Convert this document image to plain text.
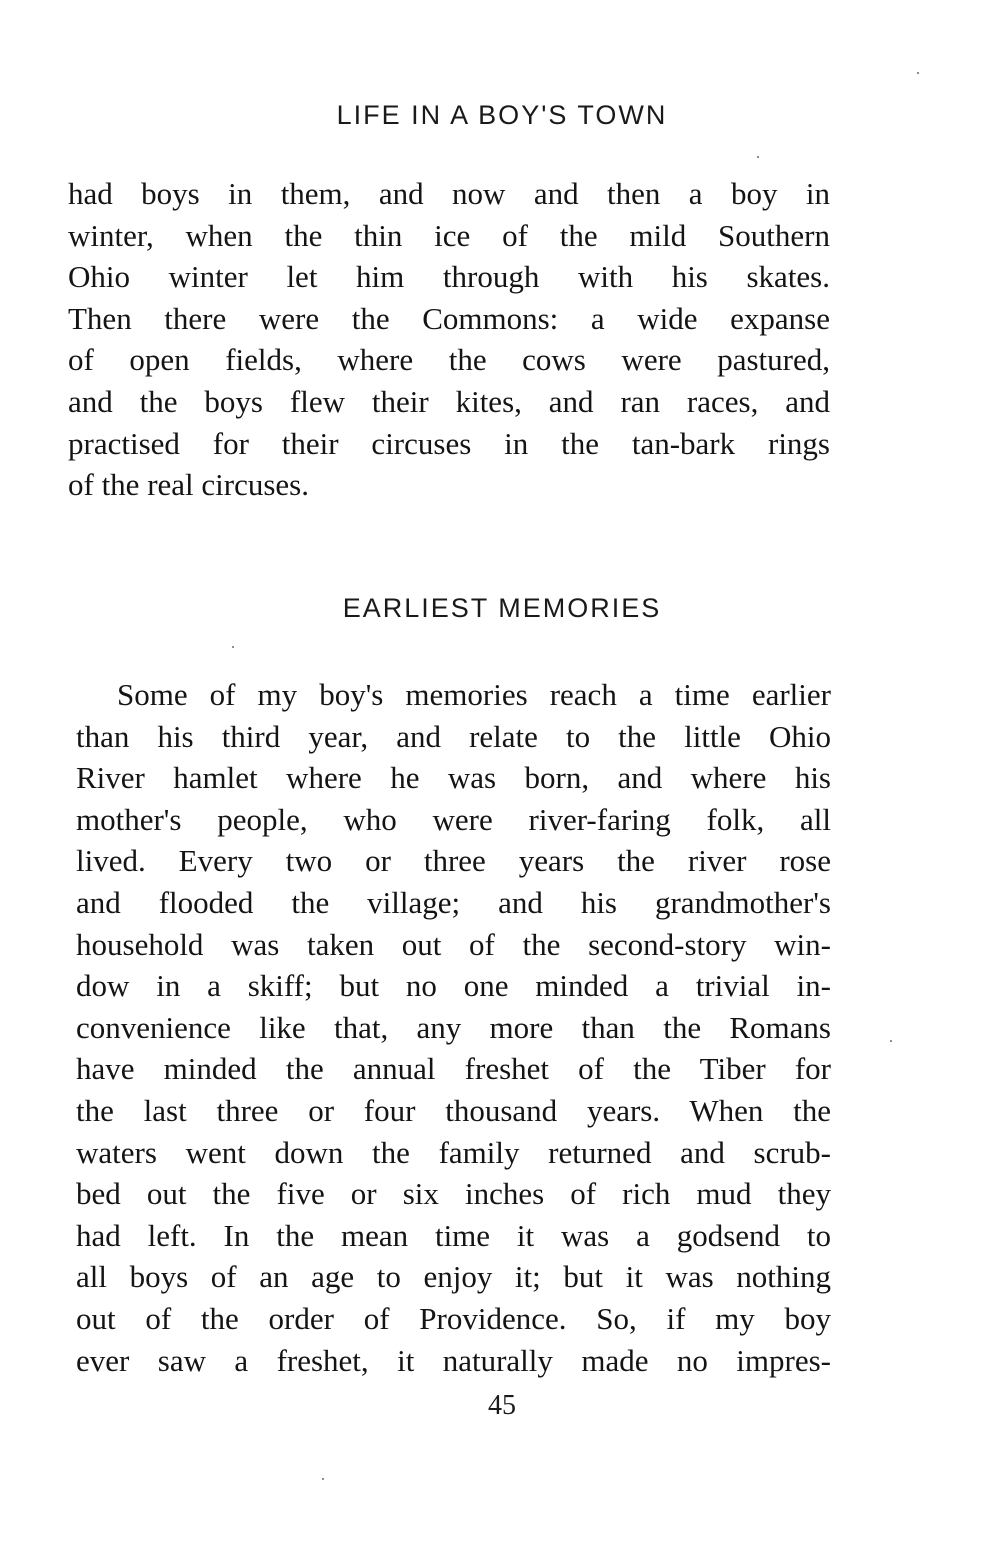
LIFE IN A BOY'S TOWN
had boys in them, and now and then a boy in
winter, when the thin ice of the mild Southern
Ohio winter let him through with his skates.
Then there were the Commons: a wide expanse
of open fields, where the cows were pastured,
and the boys flew their kites, and ran races, and
practised for their circuses in the tan-bark rings
of the real circuses.
EARLIEST MEMORIES
Some of my boy's memories reach a time earlier
than his third year, and relate to the little Ohio
River hamlet where he was born, and where his
mother's people, who were river-faring folk, all
lived. Every two or three years the river rose
and flooded the village; and his grandmother's
household was taken out of the second-story win-
dow in a skiff; but no one minded a trivial in-
convenience like that, any more than the Romans
have minded the annual freshet of the Tiber for
the last three or four thousand years. When the
waters went down the family returned and scrub-
bed out the five or six inches of rich mud they
had left. In the mean time it was a godsend to
all boys of an age to enjoy it; but it was nothing
out of the order of Providence. So, if my boy
ever saw a freshet, it naturally made no impres-
45
